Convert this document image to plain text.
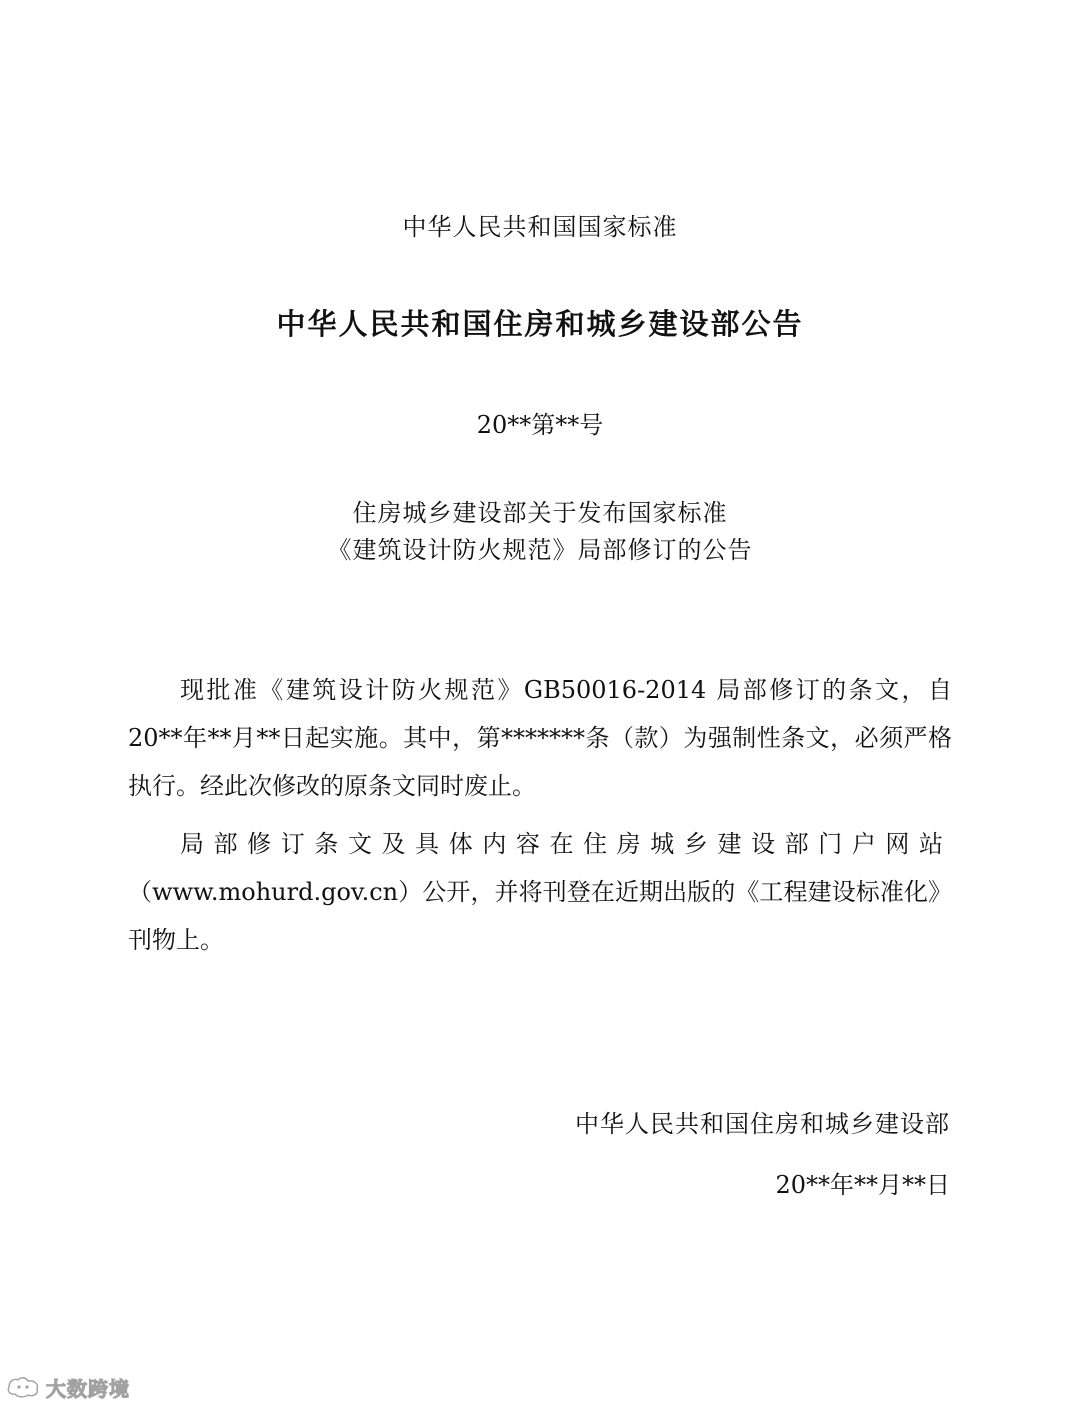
中华人民共和国国家标准
中华人民共和国住房和城乡建设部公告
20**第**号
住房城乡建设部关于发布国家标准
《建筑设计防火规范》局部修订的公告
现批准《建筑设计防火规范》GB50016-2014 局部修订的条文，自 20**年**月**日起实施。其中，第*******条（款）为强制性条文，必须严格执行。经此次修改的原条文同时废止。
局部修订条文及具体内容在住房城乡建设部门户网站（www.mohurd.gov.cn）公开，并将刊登在近期出版的《工程建设标准化》刊物上。
中华人民共和国住房和城乡建设部
20**年**月**日
大数跨境
